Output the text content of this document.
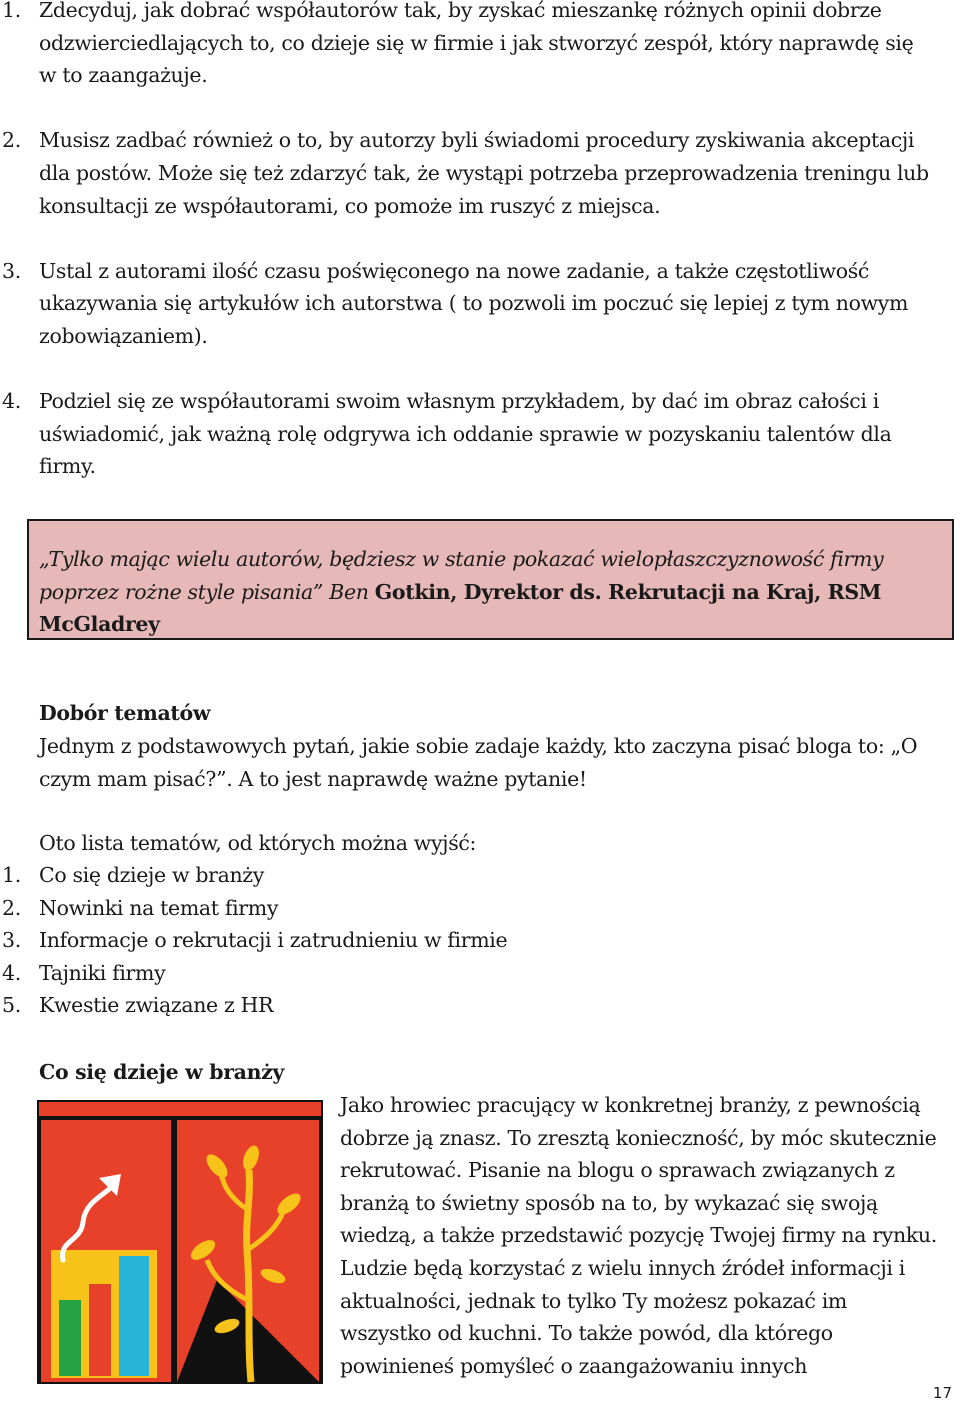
1. Zdecyduj, jak dobrać współautorów tak, by zyskać mieszankę różnych opinii dobrze
odzwierciedlających to, co dzieje się w firmie i jak stworzyć zespół, który naprawdę się
w to zaangażuje.
2. Musisz zadbać również o to, by autorzy byli świadomi procedury zyskiwania akceptacji
dla postów. Może się też zdarzyć tak, że wystąpi potrzeba przeprowadzenia treningu lub
konsultacji ze współautorami, co pomoże im ruszyć z miejsca.
3. Ustal z autorami ilość czasu poświęconego na nowe zadanie, a także częstotliwość
ukazywania się artykułów ich autorstwa ( to pozwoli im poczuć się lepiej z tym nowym
zobowiązaniem).
4. Podziel się ze współautorami swoim własnym przykładem, by dać im obraz całości i
uświadomić, jak ważną rolę odgrywa ich oddanie sprawie w pozyskaniu talentów dla
firmy.
„Tylko mając wielu autorów, będziesz w stanie pokazać wielopłaszczyznowość firmy
poprzez rożne style pisania” Ben Gotkin, Dyrektor ds. Rekrutacji na Kraj, RSM
McGladrey
Dobór tematów
Jednym z podstawowych pytań, jakie sobie zadaje każdy, kto zaczyna pisać bloga to: „O
czym mam pisać?”. A to jest naprawdę ważne pytanie!
Oto lista tematów, od których można wyjść:
1. Co się dzieje w branży
2. Nowinki na temat firmy
3. Informacje o rekrutacji i zatrudnieniu w firmie
4. Tajniki firmy
5. Kwestie związane z HR
Co się dzieje w branży
Jako hrowiec pracujący w konkretnej branży, z pewnością
dobrze ją znasz. To zresztą konieczność, by móc skutecznie
rekrutować. Pisanie na blogu o sprawach związanych z
branżą to świetny sposób na to, by wykazać się swoją
wiedzą, a także przedstawić pozycję Twojej firmy na rynku.
Ludzie będą korzystać z wielu innych źródeł informacji i
aktualności, jednak to tylko Ty możesz pokazać im
wszystko od kuchni. To także powód, dla którego
powinieneś pomyśleć o zaangażowaniu innych
17
